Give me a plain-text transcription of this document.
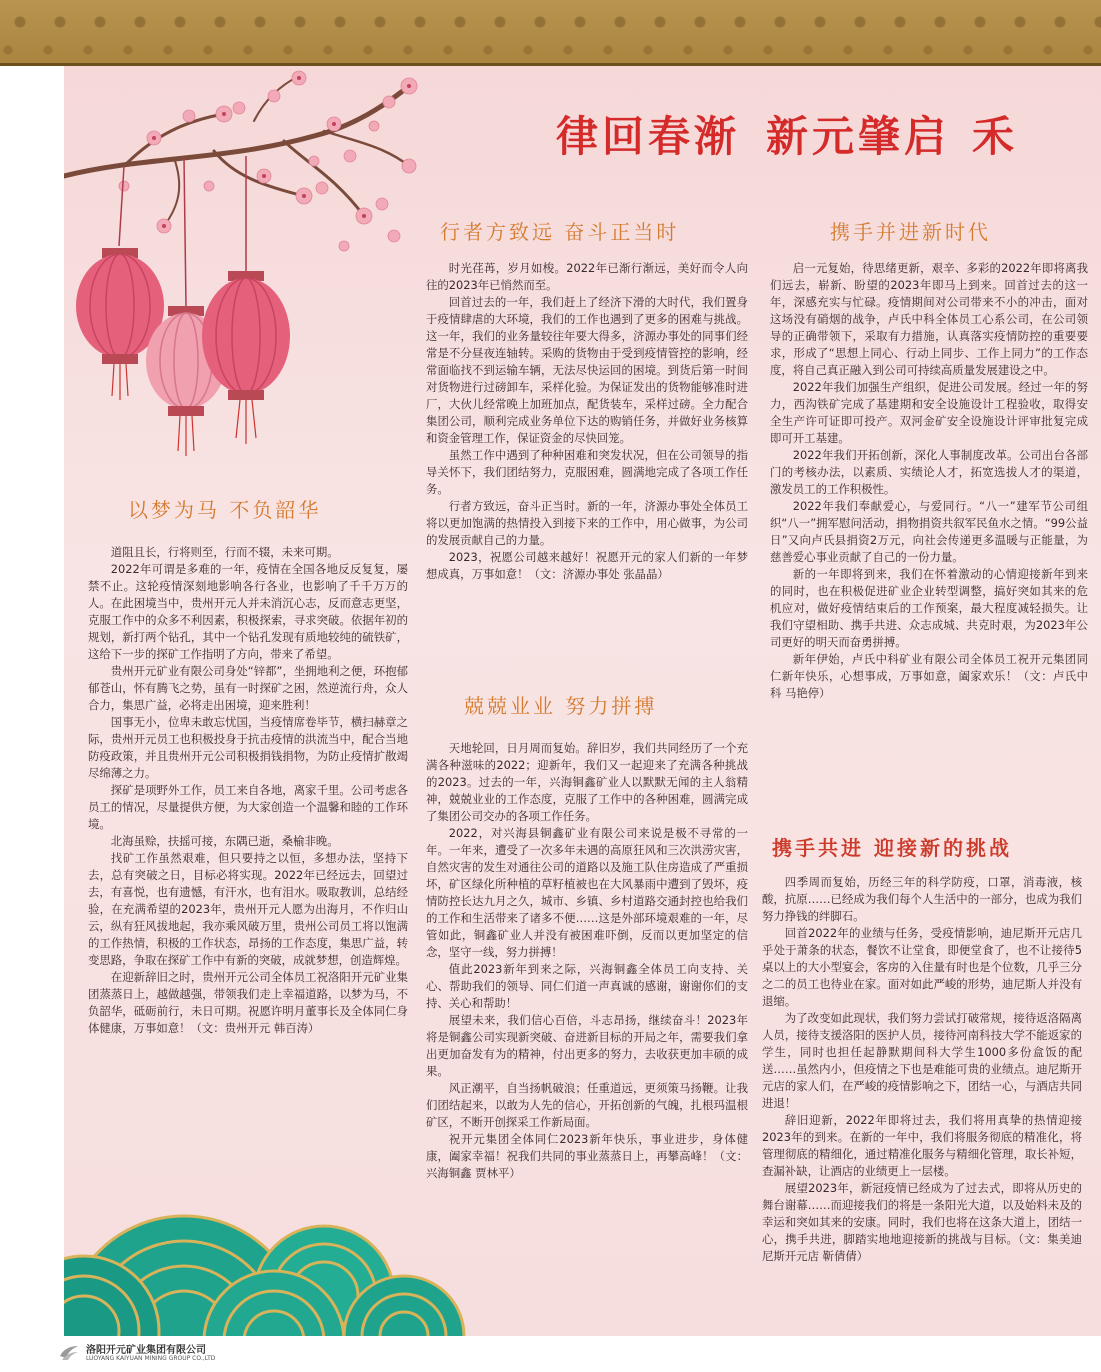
律回春渐 新元肇启 禾
以梦为马 不负韶华

道阻且长，行将则至，行而不辍，未来可期。

2022年可谓是多难的一年，疫情在全国各地反反复复，屡禁不止。这轮疫情深刻地影响各行各业，也影响了千千万万的人。在此困境当中，贵州开元人并未消沉心志，反而意志更坚，克服工作中的众多不利因素，积极探索，寻求突破。依据年初的规划，新打两个钻孔，其中一个钻孔发现有质地较纯的硫铁矿，这给下一步的探矿工作指明了方向，带来了希望。

贵州开元矿业有限公司身处“锌都”，坐拥地利之便，环抱郁郁苍山，怀有腾飞之势，虽有一时探矿之困，然逆流行舟，众人合力，集思广益，必将走出困境，迎来胜利！

国事无小，位卑未敢忘忧国，当疫情席卷毕节，横扫赫章之际，贵州开元员工也积极投身于抗击疫情的洪流当中，配合当地防疫政策，并且贵州开元公司积极捐钱捐物，为防止疫情扩散竭尽绵薄之力。

探矿是项野外工作，员工来自各地，离家千里。公司考虑各员工的情况，尽量提供方便，为大家创造一个温馨和睦的工作环境。

北海虽赊，扶摇可接，东隅已逝，桑榆非晚。

找矿工作虽然艰难，但只要持之以恒，多想办法，坚持下去，总有突破之日，目标必将实现。2022年已经远去，回望过去，有喜悦，也有遗憾，有汗水，也有泪水。吸取教训，总结经验，在充满希望的2023年，贵州开元人愿为出海月，不作归山云，纵有狂风拔地起，我亦乘风破万里，贵州公司员工将以饱满的工作热情，积极的工作状态，昂扬的工作态度，集思广益，转变思路，争取在探矿工作中有新的突破，成就梦想，创造辉煌。

在迎新辞旧之时，贵州开元公司全体员工祝洛阳开元矿业集团蒸蒸日上，越做越强，带领我们走上幸福道路，以梦为马，不负韶华，砥砺前行，未日可期。祝愿许明月董事长及全体同仁身体健康，万事如意！（文：贵州开元 韩百涛）

行者方致远 奋斗正当时

时光荏苒，岁月如梭。2022年已渐行渐远，美好而令人向往的2023年已悄然而至。

回首过去的一年，我们赶上了经济下滑的大时代，我们置身于疫情肆虐的大环境，我们的工作也遇到了更多的困难与挑战。这一年，我们的业务量较往年要大得多，济源办事处的同事们经常是不分昼夜连轴转。采购的货物由于受到疫情管控的影响，经常面临找不到运输车辆，无法尽快运回的困境。到货后第一时间对货物进行过磅卸车，采样化验。为保证发出的货物能够准时进厂，大伙儿经常晚上加班加点，配货装车，采样过磅。全力配合集团公司，顺利完成业务单位下达的购销任务，并做好业务核算和资金管理工作，保证资金的尽快回笼。

虽然工作中遇到了种种困难和突发状况，但在公司领导的指导关怀下，我们团结努力，克服困难，圆满地完成了各项工作任务。

行者方致远，奋斗正当时。新的一年，济源办事处全体员工将以更加饱满的热情投入到接下来的工作中，用心做事，为公司的发展贡献自己的力量。

2023，祝愿公司越来越好！祝愿开元的家人们新的一年梦想成真，万事如意！（文：济源办事处 张晶晶）

兢兢业业 努力拼搏

天地轮回，日月周而复始。辞旧岁，我们共同经历了一个充满各种滋味的2022；迎新年，我们又一起迎来了充满各种挑战的2023。过去的一年，兴海铜鑫矿业人以默默无闻的主人翁精神，兢兢业业的工作态度，克服了工作中的各种困难，圆满完成了集团公司交办的各项工作任务。

2022，对兴海县铜鑫矿业有限公司来说是极不寻常的一年。一年来，遭受了一次多年未遇的高原狂风和三次洪涝灾害，自然灾害的发生对通往公司的道路以及施工队住房造成了严重损坏，矿区绿化所种植的草籽植被也在大风暴雨中遭到了毁坏，疫情防控长达九月之久，城市、乡镇、乡村道路交通封控也给我们的工作和生活带来了诸多不便……这是外部环境艰难的一年，尽管如此，铜鑫矿业人并没有被困难吓倒，反而以更加坚定的信念，坚守一线，努力拼搏！

值此2023新年到来之际，兴海铜鑫全体员工向支持、关心、帮助我们的领导、同仁们道一声真诚的感谢，谢谢你们的支持、关心和帮助！

展望未来，我们信心百倍，斗志昂扬，继续奋斗！2023年将是铜鑫公司实现新突破、奋进新目标的开局之年，需要我们拿出更加奋发有为的精神，付出更多的努力，去收获更加丰硕的成果。

风正潮平，自当扬帆破浪；任重道远，更须策马扬鞭。让我们团结起来，以敢为人先的信心，开拓创新的气魄，扎根玛温根矿区，不断开创探采工作新局面。

祝开元集团全体同仁2023新年快乐，事业进步，身体健康，阖家幸福！祝我们共同的事业蒸蒸日上，再攀高峰！（文：兴海铜鑫 贾林平）

携手并进新时代

启一元复始，待思绪更新，艰辛、多彩的2022年即将离我们远去，崭新、盼望的2023年即马上到来。回首过去的这一年，深感充实与忙碌。疫情期间对公司带来不小的冲击，面对这场没有硝烟的战争，卢氏中科全体员工心系公司，在公司领导的正确带领下，采取有力措施，认真落实疫情防控的重要要求，形成了“思想上同心、行动上同步、工作上同力”的工作态度，将自己真正融入到公司可持续高质量发展建设之中。

2022年我们加强生产组织，促进公司发展。经过一年的努力，西沟铁矿完成了基建期和安全设施设计工程验收，取得安全生产许可证即可投产。双河金矿安全设施设计评审批复完成即可开工基建。

2022年我们开拓创新，深化人事制度改革。公司出台各部门的考核办法，以素质、实绩论人才，拓宽选拔人才的渠道，激发员工的工作积极性。

2022年我们奉献爱心，与爱同行。“八一”建军节公司组织“八一”拥军慰问活动，捐物捐资共叙军民鱼水之情。“99公益日”又向卢氏县捐资2万元，向社会传递更多温暖与正能量，为慈善爱心事业贡献了自己的一份力量。

新的一年即将到来，我们在怀着激动的心情迎接新年到来的同时，也在积极促进矿业企业转型调整，搞好突如其来的危机应对，做好疫情结束后的工作预案，最大程度减轻损失。让我们守望相助、携手共进、众志成城、共克时艰，为2023年公司更好的明天而奋勇拼搏。

新年伊始，卢氏中科矿业有限公司全体员工祝开元集团同仁新年快乐，心想事成，万事如意，阖家欢乐！（文：卢氏中科 马艳停）

携手共进 迎接新的挑战

四季周而复始，历经三年的科学防疫，口罩，消毒液，核酸，抗原……已经成为我们每个人生活中的一部分，也成为我们努力挣钱的绊脚石。

回首2022年的业绩与任务，受疫情影响，迪尼斯开元店几乎处于萧条的状态，餐饮不让堂食，即便堂食了，也不让接待5桌以上的大小型宴会，客房的入住量有时也是个位数，几乎三分之二的员工也待业在家。面对如此严峻的形势，迪尼斯人并没有退缩。

为了改变如此现状，我们努力尝试打破常规，接待返洛隔离人员，接待支援洛阳的医护人员，接待河南科技大学不能返家的学生，同时也担任起静默期间科大学生1000多份盒饭的配送……虽然内小，但疫情之下也是难能可贵的业绩点。迪尼斯开元店的家人们，在严峻的疫情影响之下，团结一心，与酒店共同进退！

辞旧迎新，2022年即将过去，我们将用真挚的热情迎接2023年的到来。在新的一年中，我们将服务彻底的精准化，将管理彻底的精细化，通过精准化服务与精细化管理，取长补短，查漏补缺，让酒店的业绩更上一层楼。

展望2023年，新冠疫情已经成为了过去式，即将从历史的舞台谢幕……而迎接我们的将是一条阳光大道，以及始料未及的幸运和突如其来的安康。同时，我们也将在这条大道上，团结一心，携手共进，脚踏实地地迎接新的挑战与目标。（文：集美迪尼斯开元店 靳倩倩）

洛阳开元矿业集团有限公司
LUOYANG KAIYUAN MINING GROUP CO.,LTD
